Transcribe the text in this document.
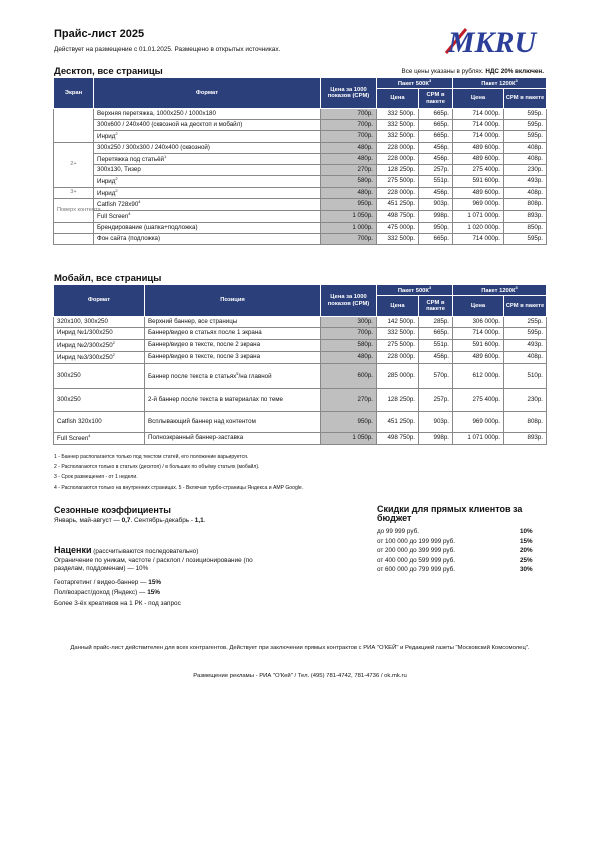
Прайс-лист 2025
Действует на размещение с 01.01.2025. Размещено в открытых источниках.	MKRU
Десктоп, все страницы	Все цены указаны в рублях. НДС 20% включен.
Экран	Формат	Цена за 1000 показов (CPM)	Пакет $500К^3$		Пакет $1200К^3$
			Цена	CPM в пакете	Цена	CPM в пакете
	Верхняя перетяжка, 1000х250 / 1000х180	700р.	332 500р.	665р.	714 000р.	595р.
	300х600 / 240х400 (сквозной на десктоп и мобайл)	700р.	332 500р.	665р.	714 000р.	595р.
	Инрид$^2$	700р.	332 500р.	665р.	714 000р.	595р.
2+	300х250 / 300х300 / 240х400 (сквозной)	480р.	228 000р.	456р.	489 600р.	408р.
	Перетяжка под статьёй$^1$	480р.	228 000р.	456р.	489 600р.	408р.
	300х130, Тизер	270р.	128 250р.	257р.	275 400р.	230р.
	Инрид$^2$	580р.	275 500р.	551р.	591 600р.	493р.
3+	Инрид$^2$	480р.	228 000р.	456р.	489 600р.	408р.
Поверх контента	Catfish $728х90^4$	950р.	451 250р.	903р.	969 000р.	808р.
	Full Screen$^4$	1 050р.	498 750р.	998р.	1 071 000р.	893р.
	Брендирование (шапка+подложка)	1 000р.	475 000р.	950р.	1 020 000р.	850р.
	Фон сайта (подложка)	700р.	332 500р.	665р.	714 000р.	595р.
Мобайл, все страницы
Формат	Позиция	Цена за 1000 показов (CPM)	Пакет $500К^3$		Пакет $1200К^3$
			Цена	CPM в пакете	Цена	CPM в пакете
320х100, 300х250	Верхний баннер, все страницы	300р.	142 500р.	285р.	306 000р.	255р.
Инрид №1/300х250	Баннер/видео в статьях после 1 экрана	700р.	332 500р.	665р.	714 000р.	595р.
Инрид $№2/300х250^2$	Баннер/видео в тексте, после 2 экрана	580р.	275 500р.	551р.	591 600р.	493р.
Инрид $№3/300х250^2$	Баннер/видео в тексте, после 3 экрана	480р.	228 000р.	456р.	489 600р.	408р.
300х250	Баннер после текста в статьях$^5$/на главной	600р.	285 000р.	570р.	612 000р.	510р.
300х250	2-й баннер после текста в материалах по теме	270р.	128 250р.	257р.	275 400р.	230р.
Catfish 320х100	Всплывающий баннер над контентом	950р.	451 250р.	903р.	969 000р.	808р.
Full Screen$^4$	Полноэкранный баннер-заставка	1 050р.	498 750р.	998р.	1 071 000р.	893р.
1 - Баннер располагается только под текстом статей, его положение варьируется.
2 - Располагаются только в статьях (десктоп) / в больших по объёму статьях (мобайл).
3 - Срок размещения - от 1 недели.
4 - Располагаются только на внутренних страницах. 5 - Включая турбо-страницы Яндекса и AMP Google.
Сезонные коэффициенты
Январь, май-август — 0,7. Сентябрь-декабрь - 1,1.
Наценки (рассчитываются последовательно)
Ограничение по уникам, частоте / расклоп / позиционирование (по разделам, поддоменам) — 10%
Геотаргетинг / видео-баннер — 15%
Пол/возраст/доход (Яндекс) — 15%
Более 3-ёх креативов на 1 РК - под запрос
Скидки для прямых клиентов за бюджет
до 99 999 руб.	10%
от 100 000 до 199 999 руб.	15%
от 200 000 до 399 999 руб.	20%
от 400 000 до 599 999 руб.	25%
от 600 000 до 799 999 руб.	30%
Данный прайс-лист действителен для всех контрагентов. Действует при заключении прямых контрактов с РИА "О'КЕЙ" и Редакцией газеты "Московский Комсомолец".
Размещение рекламы - РИА "О'Кей" / Тел. (495) 781-4742, 781-4736 / ok.mk.ru
